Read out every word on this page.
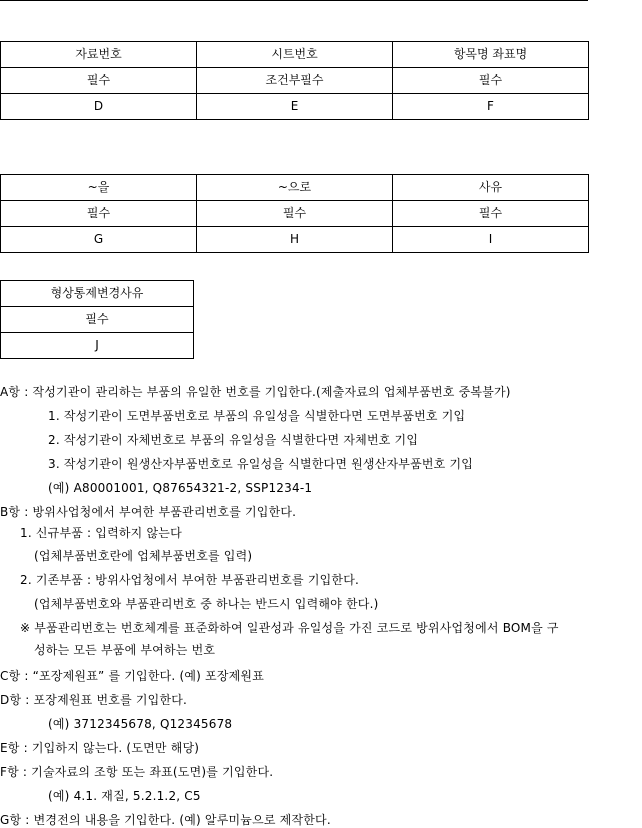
자료번호	시트번호	항목명 좌표명
필수	조건부필수	필수
D	E	F
~을	~으로	사유
필수	필수	필수
G	H	I
형상통제변경사유
필수
J
A항 : 작성기관이 관리하는 부품의 유일한 번호를 기입한다.(제출자료의 업체부품번호 중복불가)
1. 작성기관이 도면부품번호로 부품의 유일성을 식별한다면 도면부품번호 기입
2. 작성기관이 자체번호로 부품의 유일성을 식별한다면 자체번호 기입
3. 작성기관이 원생산자부품번호로 유일성을 식별한다면 원생산자부품번호 기입
(예) A80001001, Q87654321-2, SSP1234-1
B항 : 방위사업청에서 부여한 부품관리번호를 기입한다.
1. 신규부품 : 입력하지 않는다
(업체부품번호란에 업체부품번호를 입력)
2. 기존부품 : 방위사업청에서 부여한 부품관리번호를 기입한다.
(업체부품번호와 부품관리번호 중 하나는 반드시 입력해야 한다.)
※ 부품관리번호는 번호체계를 표준화하여 일관성과 유일성을 가진 코드로 방위사업청에서 BOM을 구
성하는 모든 부품에 부여하는 번호
C항 : “포장제원표” 를 기입한다. (예) 포장제원표
D항 : 포장제원표 번호를 기입한다.
(예) 3712345678, Q12345678
E항 : 기입하지 않는다. (도면만 해당)
F항 : 기술자료의 조항 또는 좌표(도면)를 기입한다.
(예) 4.1. 재질, 5.2.1.2, C5
G항 : 변경전의 내용을 기입한다. (예) 알루미늄으로 제작한다.
